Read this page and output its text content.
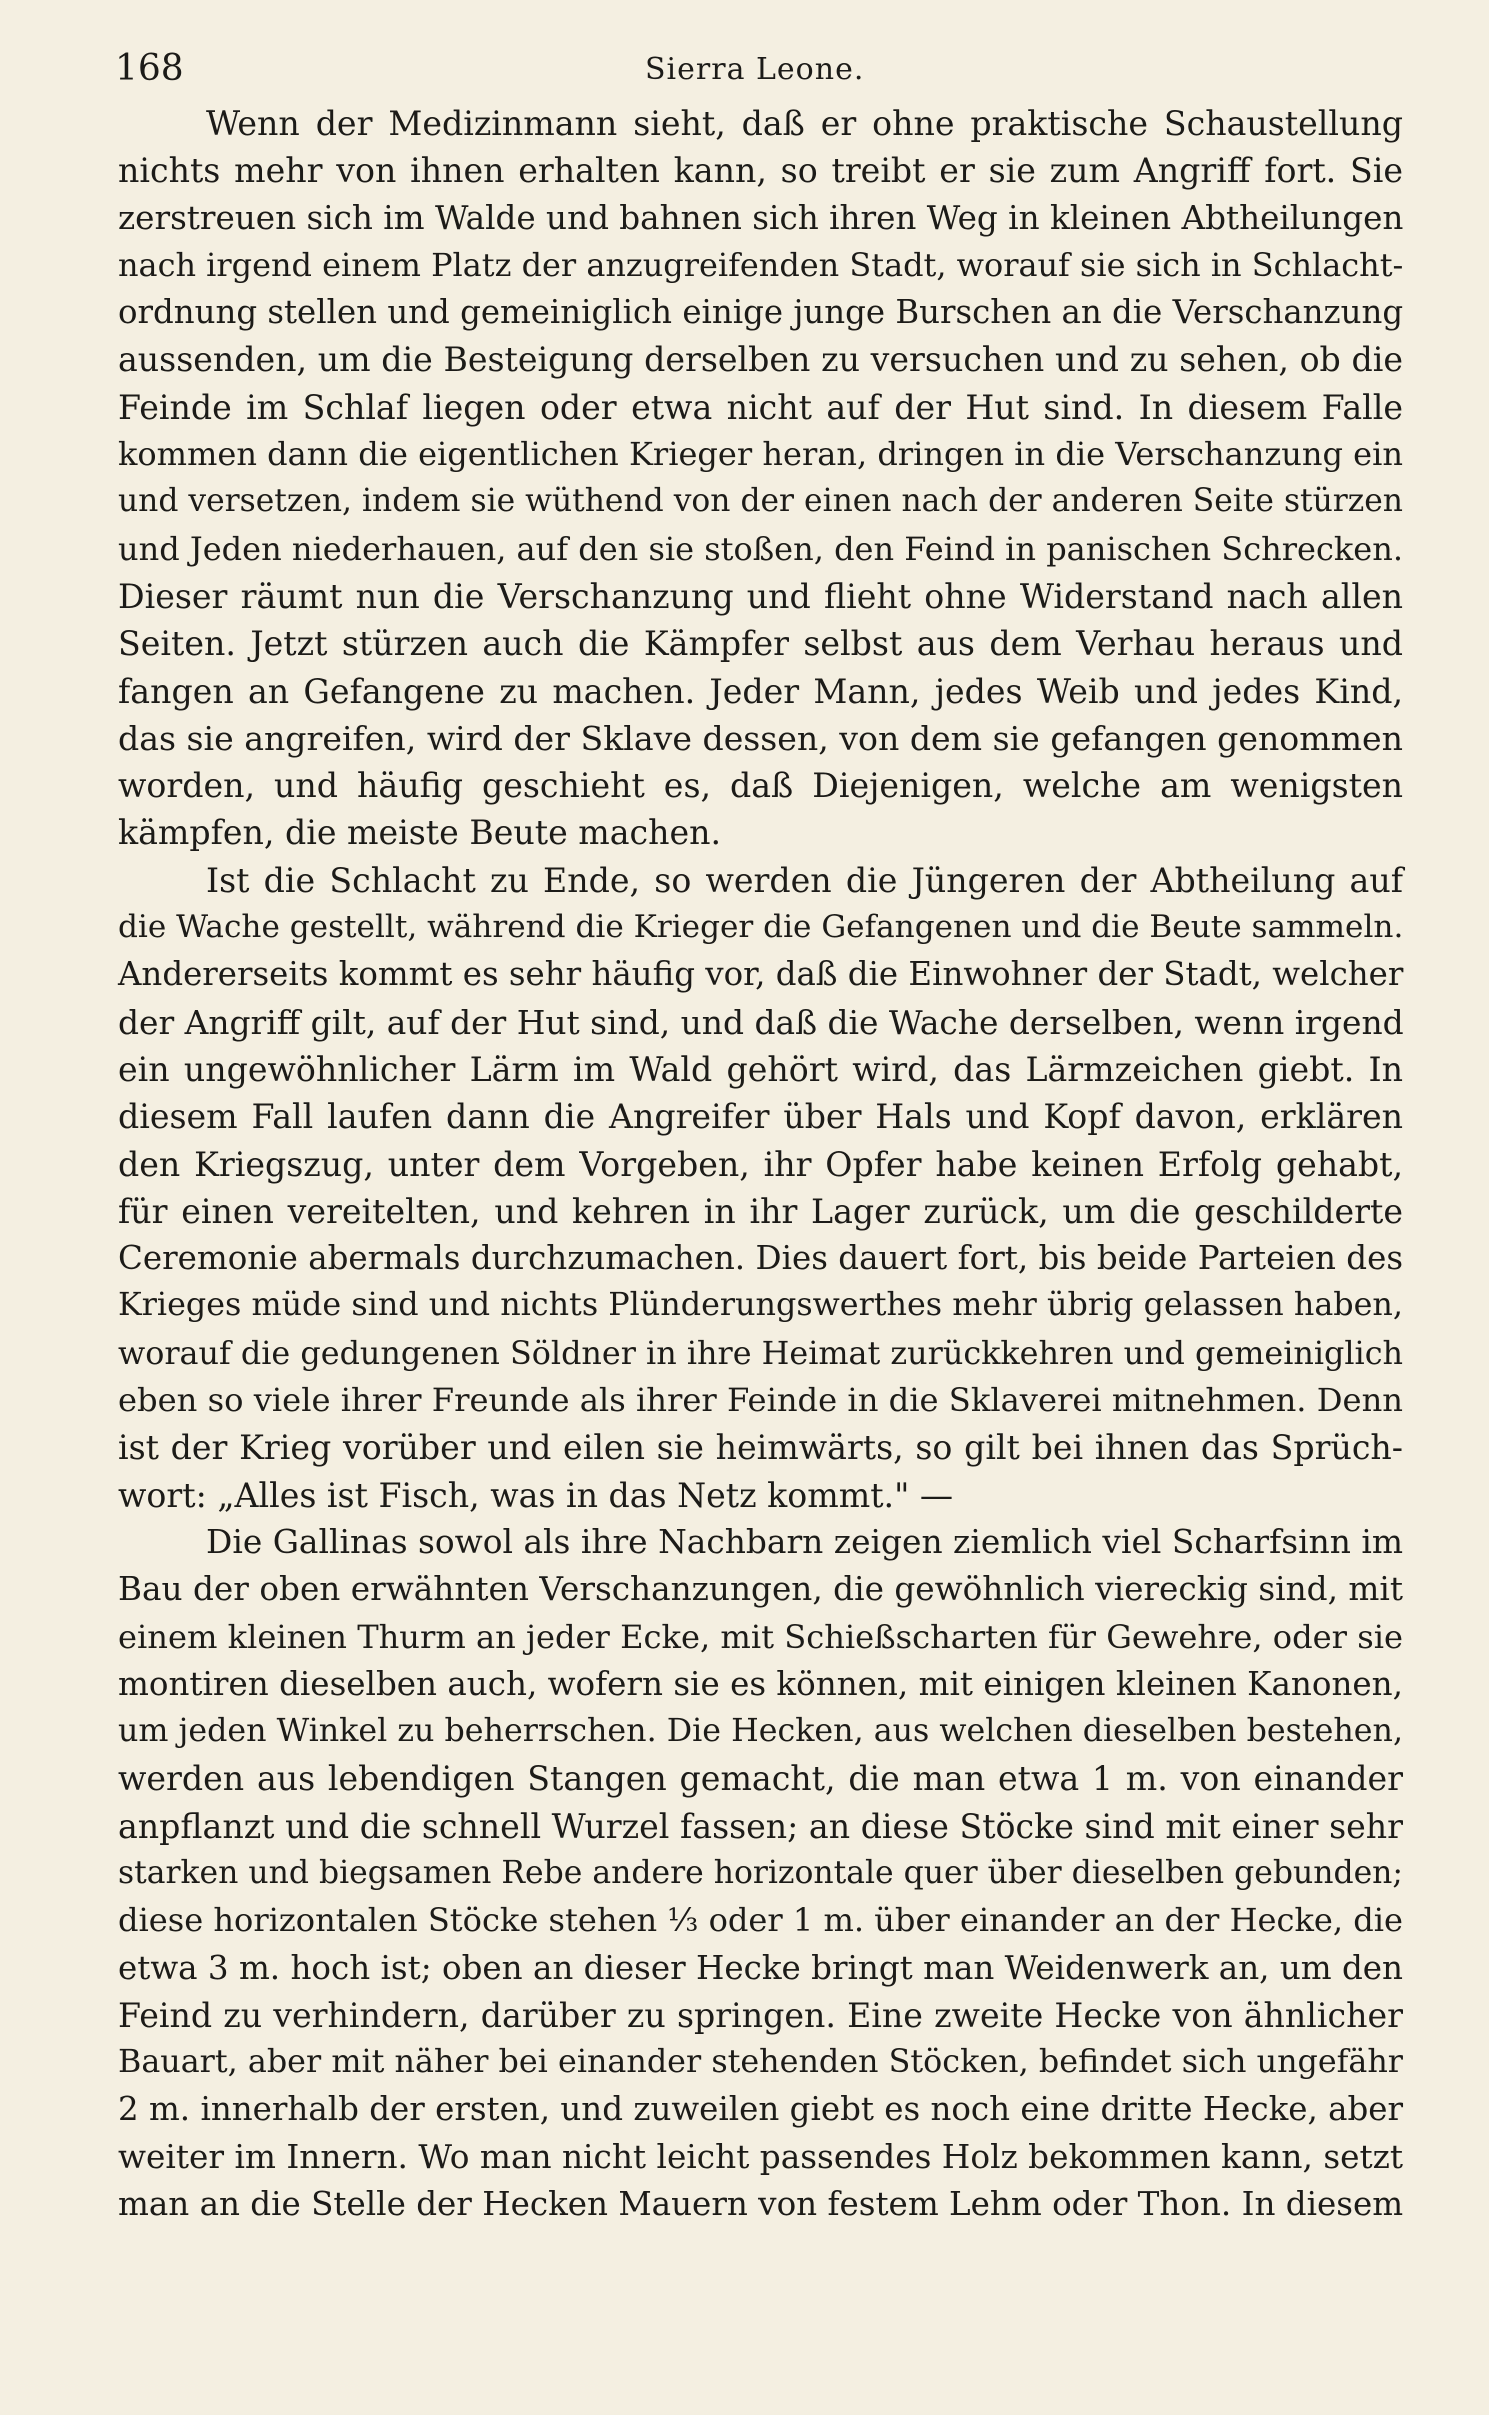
168	Sierra Leone.
Wenn der Medizinmann sieht, daß er ohne praktische Schaustellung
nichts mehr von ihnen erhalten kann, so treibt er sie zum Angriff fort. Sie
zerstreuen sich im Walde und bahnen sich ihren Weg in kleinen Abtheilungen
nach irgend einem Platz der anzugreifenden Stadt, worauf sie sich in Schlacht-
ordnung stellen und gemeiniglich einige junge Burschen an die Verschanzung
aussenden, um die Besteigung derselben zu versuchen und zu sehen, ob die
Feinde im Schlaf liegen oder etwa nicht auf der Hut sind. In diesem Falle
kommen dann die eigentlichen Krieger heran, dringen in die Verschanzung ein
und versetzen, indem sie wüthend von der einen nach der anderen Seite stürzen
und Jeden niederhauen, auf den sie stoßen, den Feind in panischen Schrecken.
Dieser räumt nun die Verschanzung und flieht ohne Widerstand nach allen
Seiten. Jetzt stürzen auch die Kämpfer selbst aus dem Verhau heraus und
fangen an Gefangene zu machen. Jeder Mann, jedes Weib und jedes Kind,
das sie angreifen, wird der Sklave dessen, von dem sie gefangen genommen
worden, und häufig geschieht es, daß Diejenigen, welche am wenigsten
kämpfen, die meiste Beute machen.
Ist die Schlacht zu Ende, so werden die Jüngeren der Abtheilung auf
die Wache gestellt, während die Krieger die Gefangenen und die Beute sammeln.
Andererseits kommt es sehr häufig vor, daß die Einwohner der Stadt, welcher
der Angriff gilt, auf der Hut sind, und daß die Wache derselben, wenn irgend
ein ungewöhnlicher Lärm im Wald gehört wird, das Lärmzeichen giebt. In
diesem Fall laufen dann die Angreifer über Hals und Kopf davon, erklären
den Kriegszug, unter dem Vorgeben, ihr Opfer habe keinen Erfolg gehabt,
für einen vereitelten, und kehren in ihr Lager zurück, um die geschilderte
Ceremonie abermals durchzumachen. Dies dauert fort, bis beide Parteien des
Krieges müde sind und nichts Plünderungswerthes mehr übrig gelassen haben,
worauf die gedungenen Söldner in ihre Heimat zurückkehren und gemeiniglich
eben so viele ihrer Freunde als ihrer Feinde in die Sklaverei mitnehmen. Denn
ist der Krieg vorüber und eilen sie heimwärts, so gilt bei ihnen das Sprüch-
wort: „Alles ist Fisch, was in das Netz kommt." —
Die Gallinas sowol als ihre Nachbarn zeigen ziemlich viel Scharfsinn im
Bau der oben erwähnten Verschanzungen, die gewöhnlich viereckig sind, mit
einem kleinen Thurm an jeder Ecke, mit Schießscharten für Gewehre, oder sie
montiren dieselben auch, wofern sie es können, mit einigen kleinen Kanonen,
um jeden Winkel zu beherrschen. Die Hecken, aus welchen dieselben bestehen,
werden aus lebendigen Stangen gemacht, die man etwa 1 m. von einander
anpflanzt und die schnell Wurzel fassen; an diese Stöcke sind mit einer sehr
starken und biegsamen Rebe andere horizontale quer über dieselben gebunden;
diese horizontalen Stöcke stehen ⅓ oder 1 m. über einander an der Hecke, die
etwa 3 m. hoch ist; oben an dieser Hecke bringt man Weidenwerk an, um den
Feind zu verhindern, darüber zu springen. Eine zweite Hecke von ähnlicher
Bauart, aber mit näher bei einander stehenden Stöcken, befindet sich ungefähr
2 m. innerhalb der ersten, und zuweilen giebt es noch eine dritte Hecke, aber
weiter im Innern. Wo man nicht leicht passendes Holz bekommen kann, setzt
man an die Stelle der Hecken Mauern von festem Lehm oder Thon. In diesem
